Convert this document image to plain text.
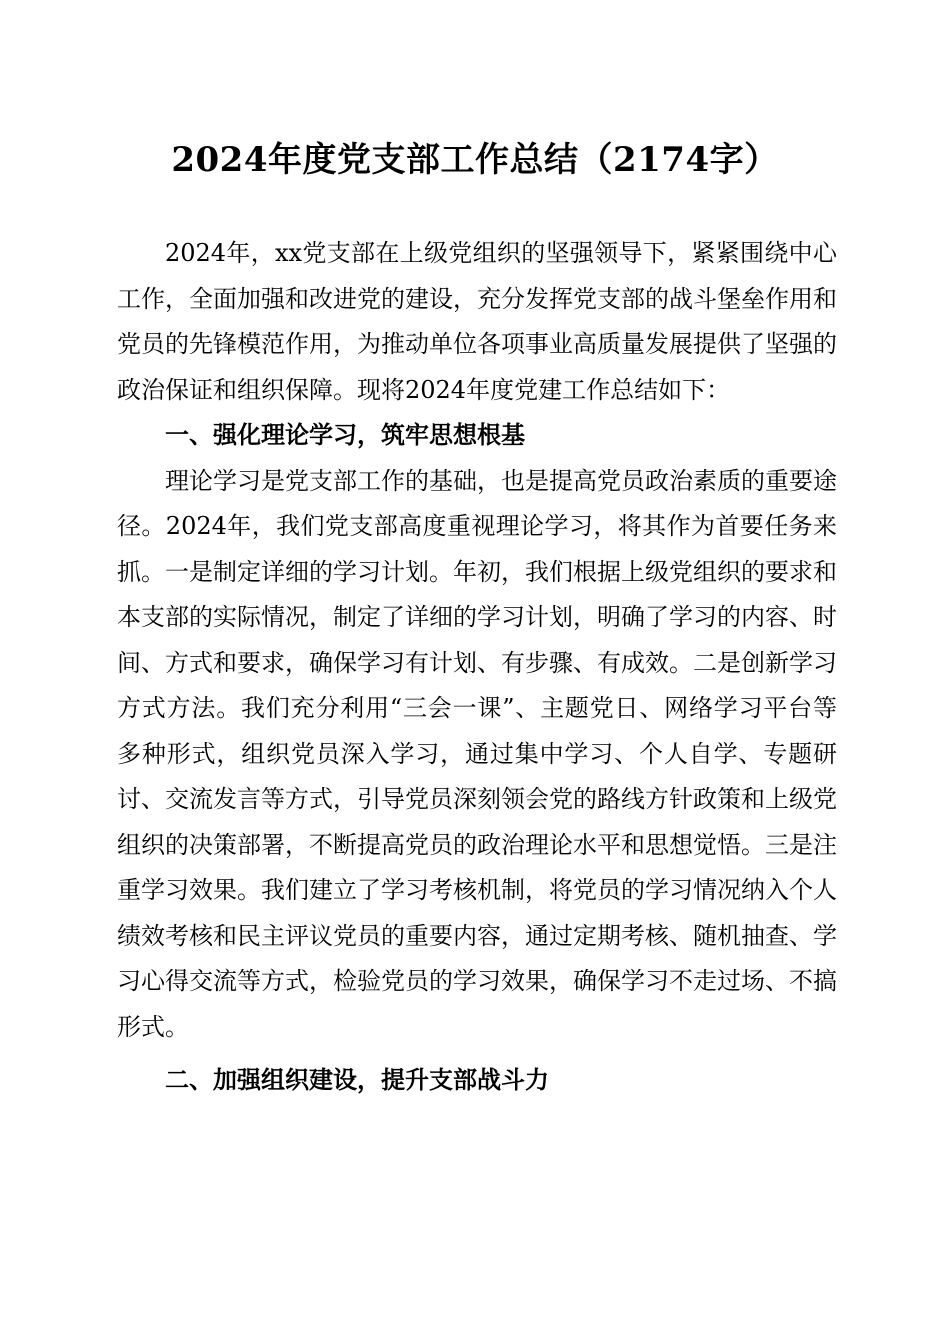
2024年度党支部工作总结（2174字）

2024年，xx党支部在上级党组织的坚强领导下，紧紧围绕中心工作，全面加强和改进党的建设，充分发挥党支部的战斗堡垒作用和党员的先锋模范作用，为推动单位各项事业高质量发展提供了坚强的政治保证和组织保障。现将2024年度党建工作总结如下：

一、强化理论学习，筑牢思想根基

理论学习是党支部工作的基础，也是提高党员政治素质的重要途径。2024年，我们党支部高度重视理论学习，将其作为首要任务来抓。一是制定详细的学习计划。年初，我们根据上级党组织的要求和本支部的实际情况，制定了详细的学习计划，明确了学习的内容、时间、方式和要求，确保学习有计划、有步骤、有成效。二是创新学习方式方法。我们充分利用“三会一课”、主题党日、网络学习平台等多种形式，组织党员深入学习，通过集中学习、个人自学、专题研讨、交流发言等方式，引导党员深刻领会党的路线方针政策和上级党组织的决策部署，不断提高党员的政治理论水平和思想觉悟。三是注重学习效果。我们建立了学习考核机制，将党员的学习情况纳入个人绩效考核和民主评议党员的重要内容，通过定期考核、随机抽查、学习心得交流等方式，检验党员的学习效果，确保学习不走过场、不搞形式。

二、加强组织建设，提升支部战斗力
